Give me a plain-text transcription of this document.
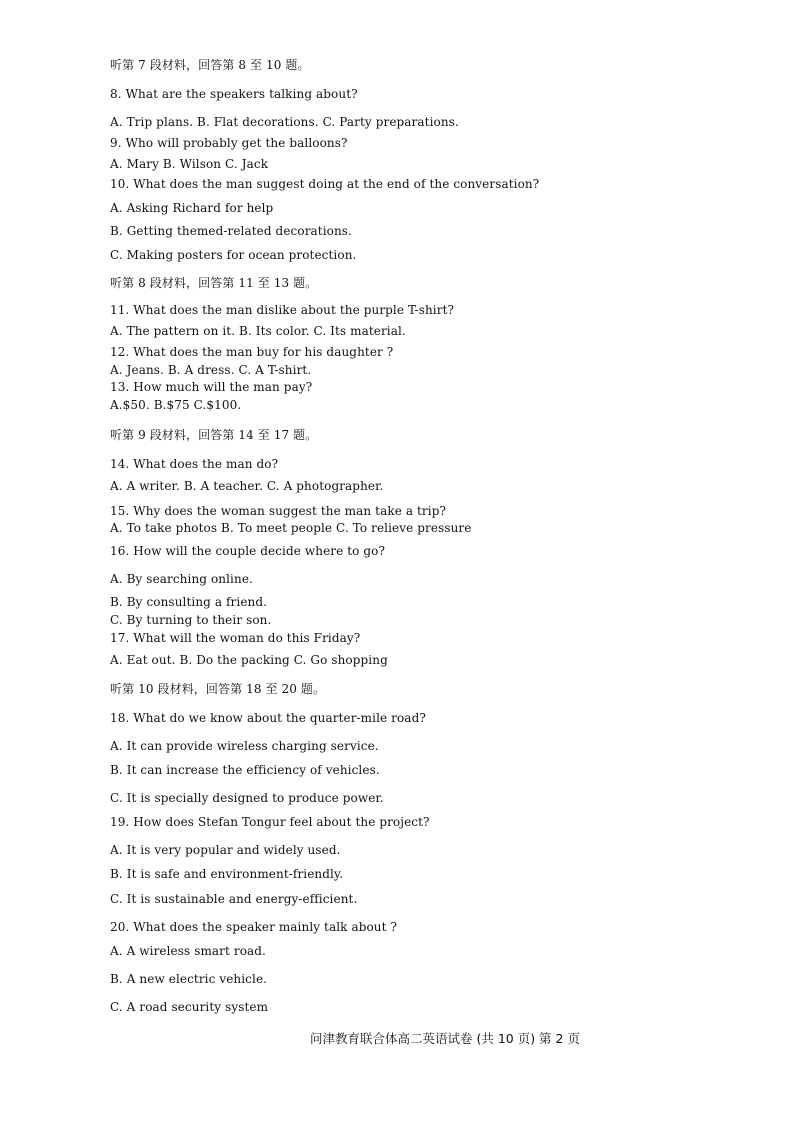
听第 7 段材料，回答第 8 至 10 题。
8. What are the speakers talking about?
A. Trip plans. B. Flat decorations. C. Party preparations.
9. Who will probably get the balloons?
A. Mary B. Wilson C. Jack
10. What does the man suggest doing at the end of the conversation?
A. Asking Richard for help
B. Getting themed-related decorations.
C. Making posters for ocean protection.
听第 8 段材料，回答第 11 至 13 题。
11. What does the man dislike about the purple T-shirt?
A. The pattern on it. B. Its color. C. Its material.
12. What does the man buy for his daughter ?
A. Jeans. B. A dress. C. A T-shirt.
13. How much will the man pay?
A.$50. B.$75 C.$100.
听第 9 段材料，回答第 14 至 17 题。
14. What does the man do?
A. A writer. B. A teacher. C. A photographer.
15. Why does the woman suggest the man take a trip?
A. To take photos B. To meet people C. To relieve pressure
16. How will the couple decide where to go?
A. By searching online.
B. By consulting a friend.
C. By turning to their son.
17. What will the woman do this Friday?
A. Eat out. B. Do the packing C. Go shopping
听第 10 段材料，回答第 18 至 20 题。
18. What do we know about the quarter-mile road?
A. It can provide wireless charging service.
B. It can increase the efficiency of vehicles.
C. It is specially designed to produce power.
19. How does Stefan Tongur feel about the project?
A. It is very popular and widely used.
B. It is safe and environment-friendly.
C. It is sustainable and energy-efficient.
20. What does the speaker mainly talk about ?
A. A wireless smart road.
B. A new electric vehicle.
C. A road security system
问津教育联合体高二英语试卷 (共 10 页) 第 2 页
